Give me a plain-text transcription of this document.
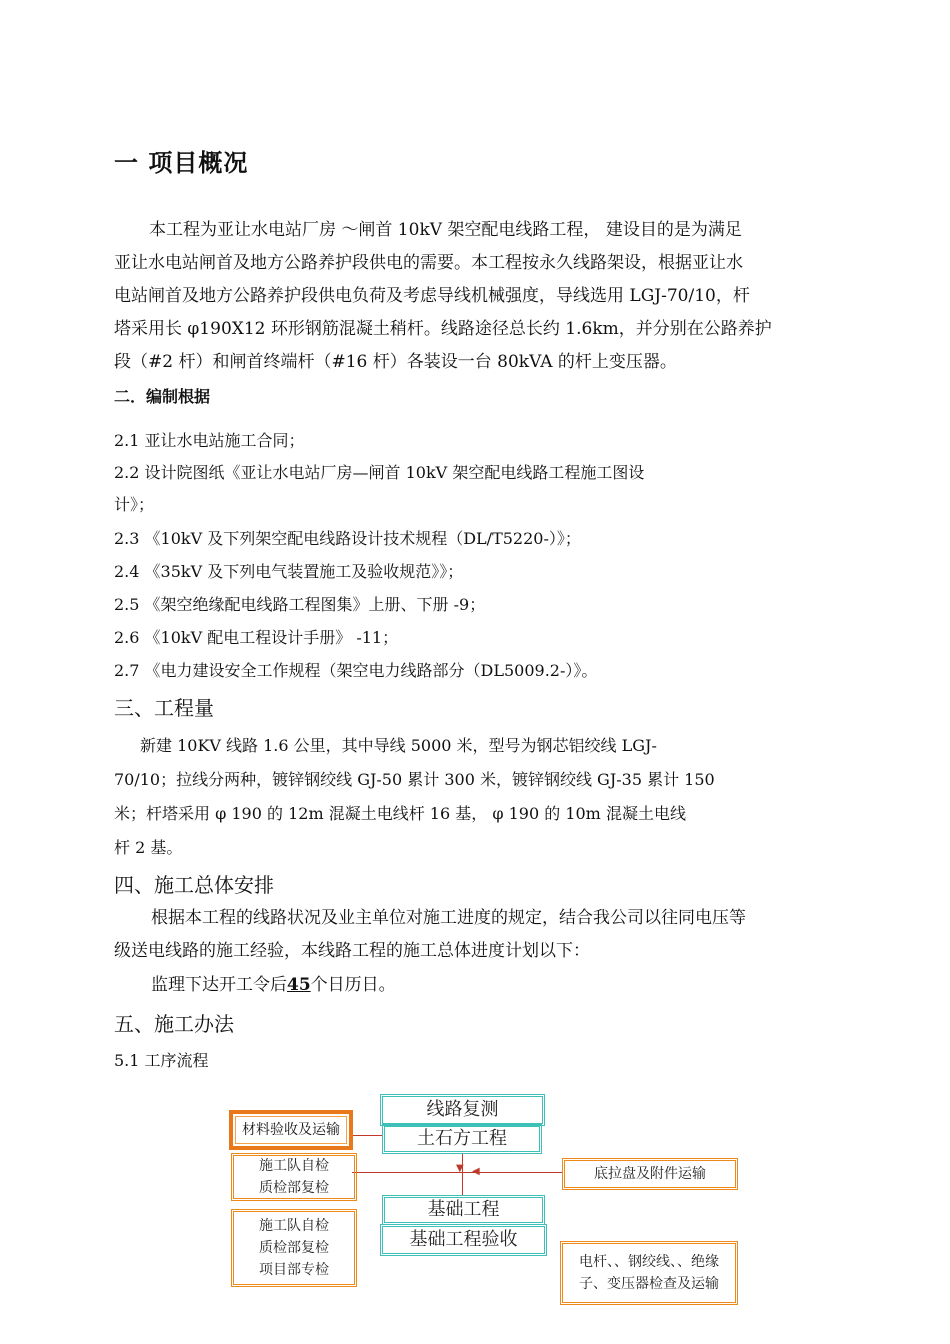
一 项目概况
本工程为亚让水电站厂房 ～闸首 10kV 架空配电线路工程， 建设目的是为满足
亚让水电站闸首及地方公路养护段供电的需要。本工程按永久线路架设，根据亚让水
电站闸首及地方公路养护段供电负荷及考虑导线机械强度，导线选用 LGJ-70/10，杆
塔采用长 φ190X12 环形钢筋混凝土稍杆。线路途径总长约 1.6km，并分别在公路养护
段（#2 杆）和闸首终端杆（#16 杆）各装设一台 80kVA 的杆上变压器。
二．编制根据
2.1 亚让水电站施工合同；
2.2 设计院图纸《亚让水电站厂房—闸首 10kV 架空配电线路工程施工图设
计》；
2.3 《10kV 及下列架空配电线路设计技术规程（DL/T5220-）》；
2.4 《35kV 及下列电气装置施工及验收规范》》；
2.5 《架空绝缘配电线路工程图集》上册、下册 -9；
2.6 《10kV 配电工程设计手册》 -11；
2.7 《电力建设安全工作规程（架空电力线路部分（DL5009.2-）》。
三、工程量
新建 10KV 线路 1.6 公里，其中导线 5000 米，型号为钢芯铝绞线 LGJ-
70/10；拉线分两种，镀锌钢绞线 GJ-50 累计 300 米，镀锌钢绞线 GJ-35 累计 150
米；杆塔采用 φ 190 的 12m 混凝土电线杆 16 基， φ 190 的 10m 混凝土电线
杆 2 基。
四、施工总体安排
根据本工程的线路状况及业主单位对施工进度的规定，结合我公司以往同电压等
级送电线路的施工经验，本线路工程的施工总体进度计划以下：
监理下达开工令后45个日历日。
五、施工办法
5.1 工序流程
▼ ◀
线路复测
土石方工程
材料验收及运输
施工队自检
质检部复检
底拉盘及附件运输
基础工程
基础工程验收
施工队自检
质检部复检
项目部专检	电杆、、钢绞线、、绝缘
子、变压器检查及运输
